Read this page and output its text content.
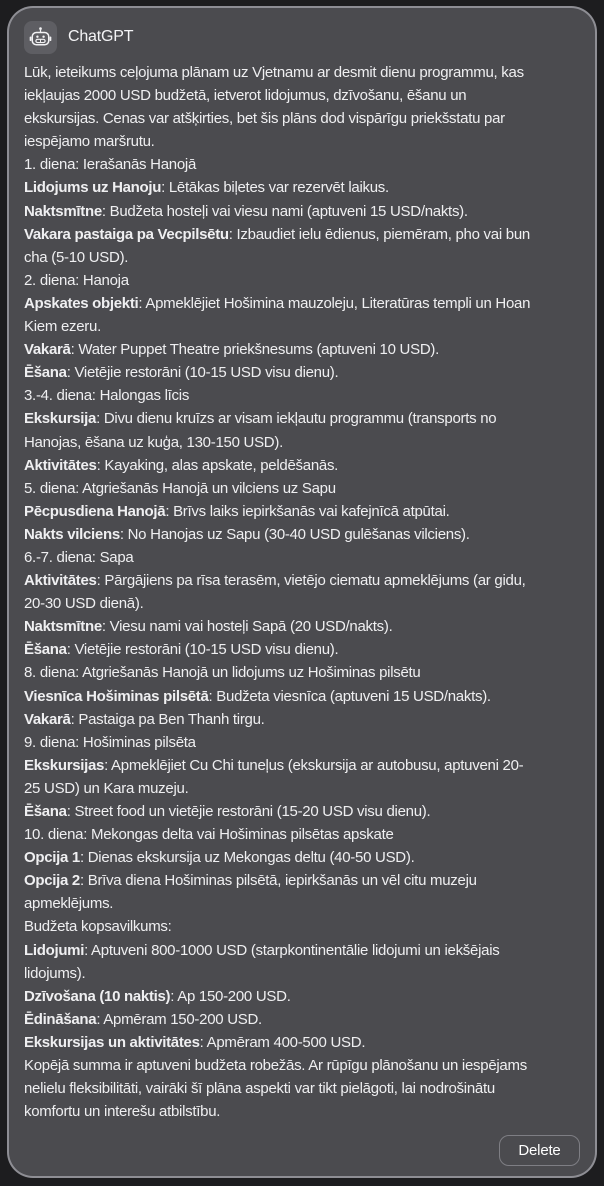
ChatGPT
Lūk, ieteikums ceļojuma plānam uz Vjetnamu ar desmit dienu programmu, kas
iekļaujas 2000 USD budžetā, ietverot lidojumus, dzīvošanu, ēšanu un
ekskursijas. Cenas var atšķirties, bet šis plāns dod vispārīgu priekšstatu par
iespējamo maršrutu.
1. diena: Ierašanās Hanojā
Lidojums uz Hanoju: Lētākas biļetes var rezervēt laikus.
Naktsmītne: Budžeta hosteļi vai viesu nami (aptuveni 15 USD/nakts).
Vakara pastaiga pa Vecpilsētu: Izbaudiet ielu ēdienus, piemēram, pho vai bun
cha (5-10 USD).
2. diena: Hanoja
Apskates objekti: Apmeklējiet Hošimina mauzoleju, Literatūras templi un Hoan
Kiem ezeru.
Vakarā: Water Puppet Theatre priekšnesums (aptuveni 10 USD).
Ēšana: Vietējie restorāni (10-15 USD visu dienu).
3.-4. diena: Halongas līcis
Ekskursija: Divu dienu kruīzs ar visam iekļautu programmu (transports no
Hanojas, ēšana uz kuģa, 130-150 USD).
Aktivitātes: Kayaking, alas apskate, peldēšanās.
5. diena: Atgriešanās Hanojā un vilciens uz Sapu
Pēcpusdiena Hanojā: Brīvs laiks iepirkšanās vai kafejnīcā atpūtai.
Nakts vilciens: No Hanojas uz Sapu (30-40 USD gulēšanas vilciens).
6.-7. diena: Sapa
Aktivitātes: Pārgājiens pa rīsa terasēm, vietējo ciematu apmeklējums (ar gidu,
20-30 USD dienā).
Naktsmītne: Viesu nami vai hosteļi Sapā (20 USD/nakts).
Ēšana: Vietējie restorāni (10-15 USD visu dienu).
8. diena: Atgriešanās Hanojā un lidojums uz Hošiminas pilsētu
Viesnīca Hošiminas pilsētā: Budžeta viesnīca (aptuveni 15 USD/nakts).
Vakarā: Pastaiga pa Ben Thanh tirgu.
9. diena: Hošiminas pilsēta
Ekskursijas: Apmeklējiet Cu Chi tuneļus (ekskursija ar autobusu, aptuveni 20-
25 USD) un Kara muzeju.
Ēšana: Street food un vietējie restorāni (15-20 USD visu dienu).
10. diena: Mekongas delta vai Hošiminas pilsētas apskate
Opcija 1: Dienas ekskursija uz Mekongas deltu (40-50 USD).
Opcija 2: Brīva diena Hošiminas pilsētā, iepirkšanās un vēl citu muzeju
apmeklējums.
Budžeta kopsavilkums:
Lidojumi: Aptuveni 800-1000 USD (starpkontinentālie lidojumi un iekšējais
lidojums).
Dzīvošana (10 naktis): Ap 150-200 USD.
Ēdināšana: Apmēram 150-200 USD.
Ekskursijas un aktivitātes: Apmēram 400-500 USD.
Kopējā summa ir aptuveni budžeta robežās. Ar rūpīgu plānošanu un iespējams
nelielu fleksibilitāti, vairāki šī plāna aspekti var tikt pielāgoti, lai nodrošinātu
komfortu un interešu atbilstību.
Delete
